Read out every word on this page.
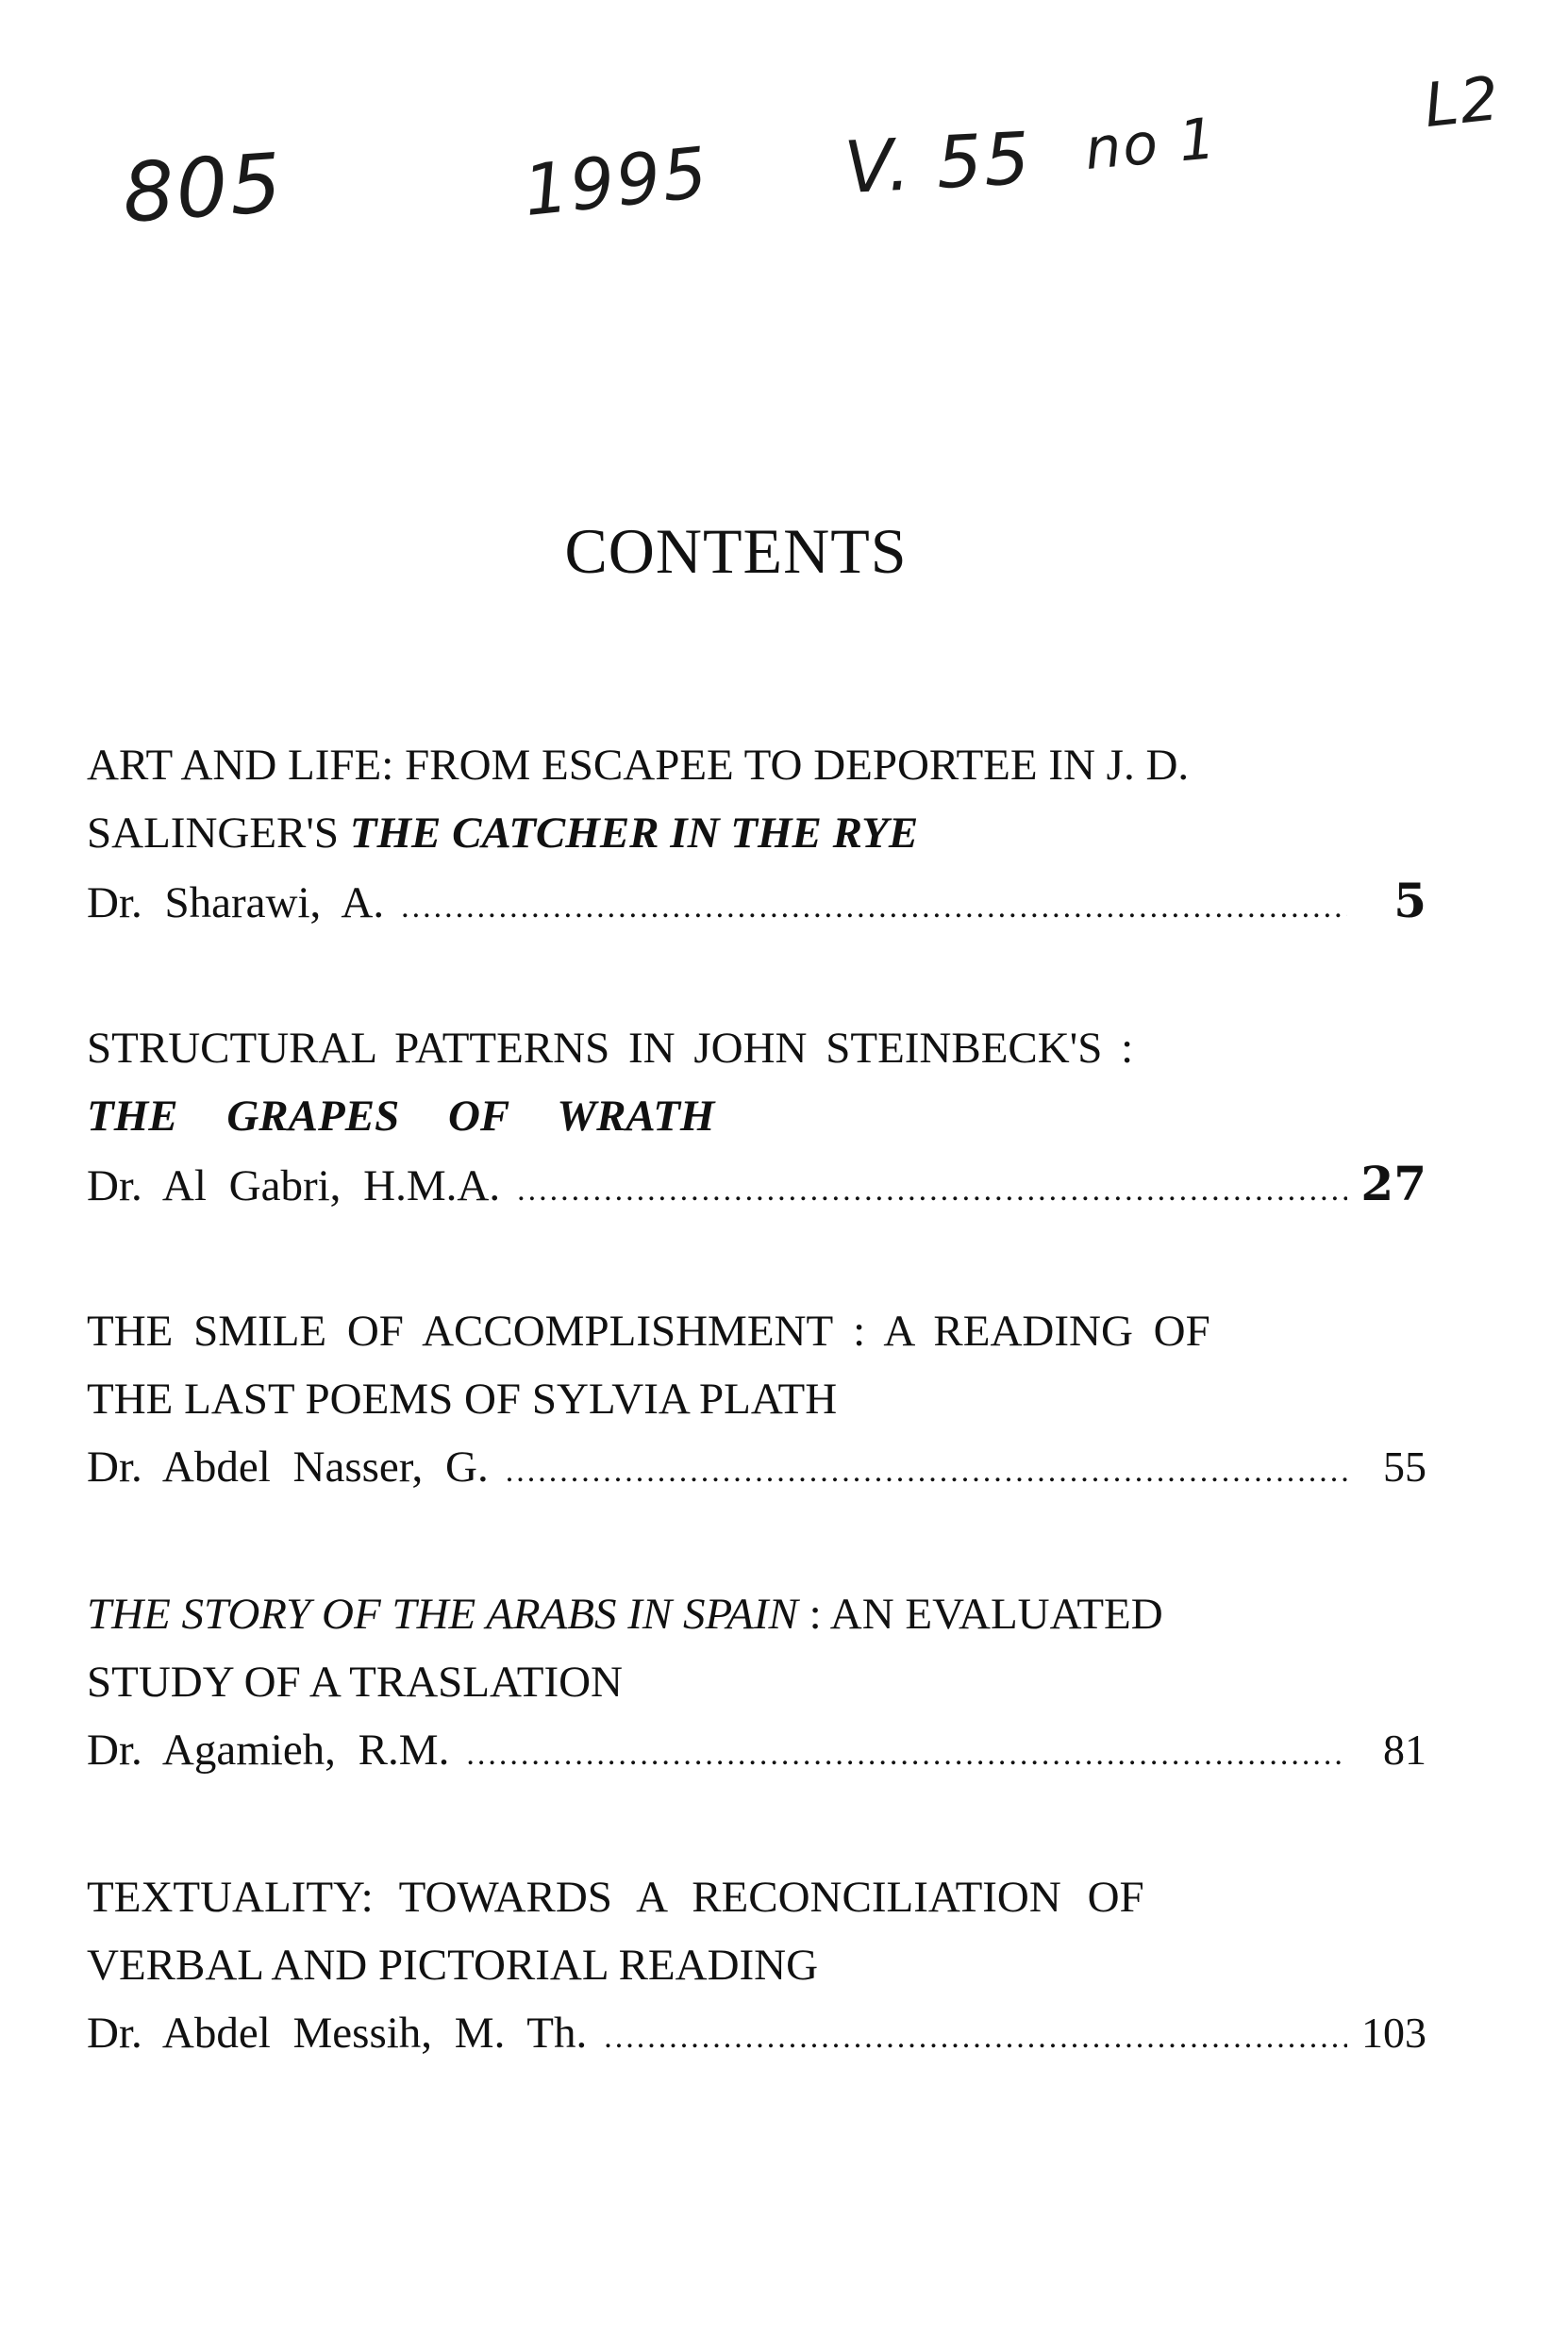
805	1995 V. 55 no 1
L2
CONTENTS
ART AND LIFE: FROM ESCAPEE TO DEPORTEE IN J. D.
SALINGER'S THE CATCHER IN THE RYE
Dr. Sharawi, A. .....	5
STRUCTURAL PATTERNS IN JOHN STEINBECK'S :
THE GRAPES OF WRATH
Dr. Al Gabri, H.M.A. .....	27
THE SMILE OF ACCOMPLISHMENT : A READING OF
THE LAST POEMS OF SYLVIA PLATH
Dr. Abdel Nasser, G. .....	55
THE STORY OF THE ARABS IN SPAIN : AN EVALUATED
STUDY OF A TRASLATION
Dr. Agamieh, R.M. .....	81
TEXTUALITY: TOWARDS A RECONCILIATION OF
VERBAL AND PICTORIAL READING
Dr. Abdel Messih, M. Th. .....	103
